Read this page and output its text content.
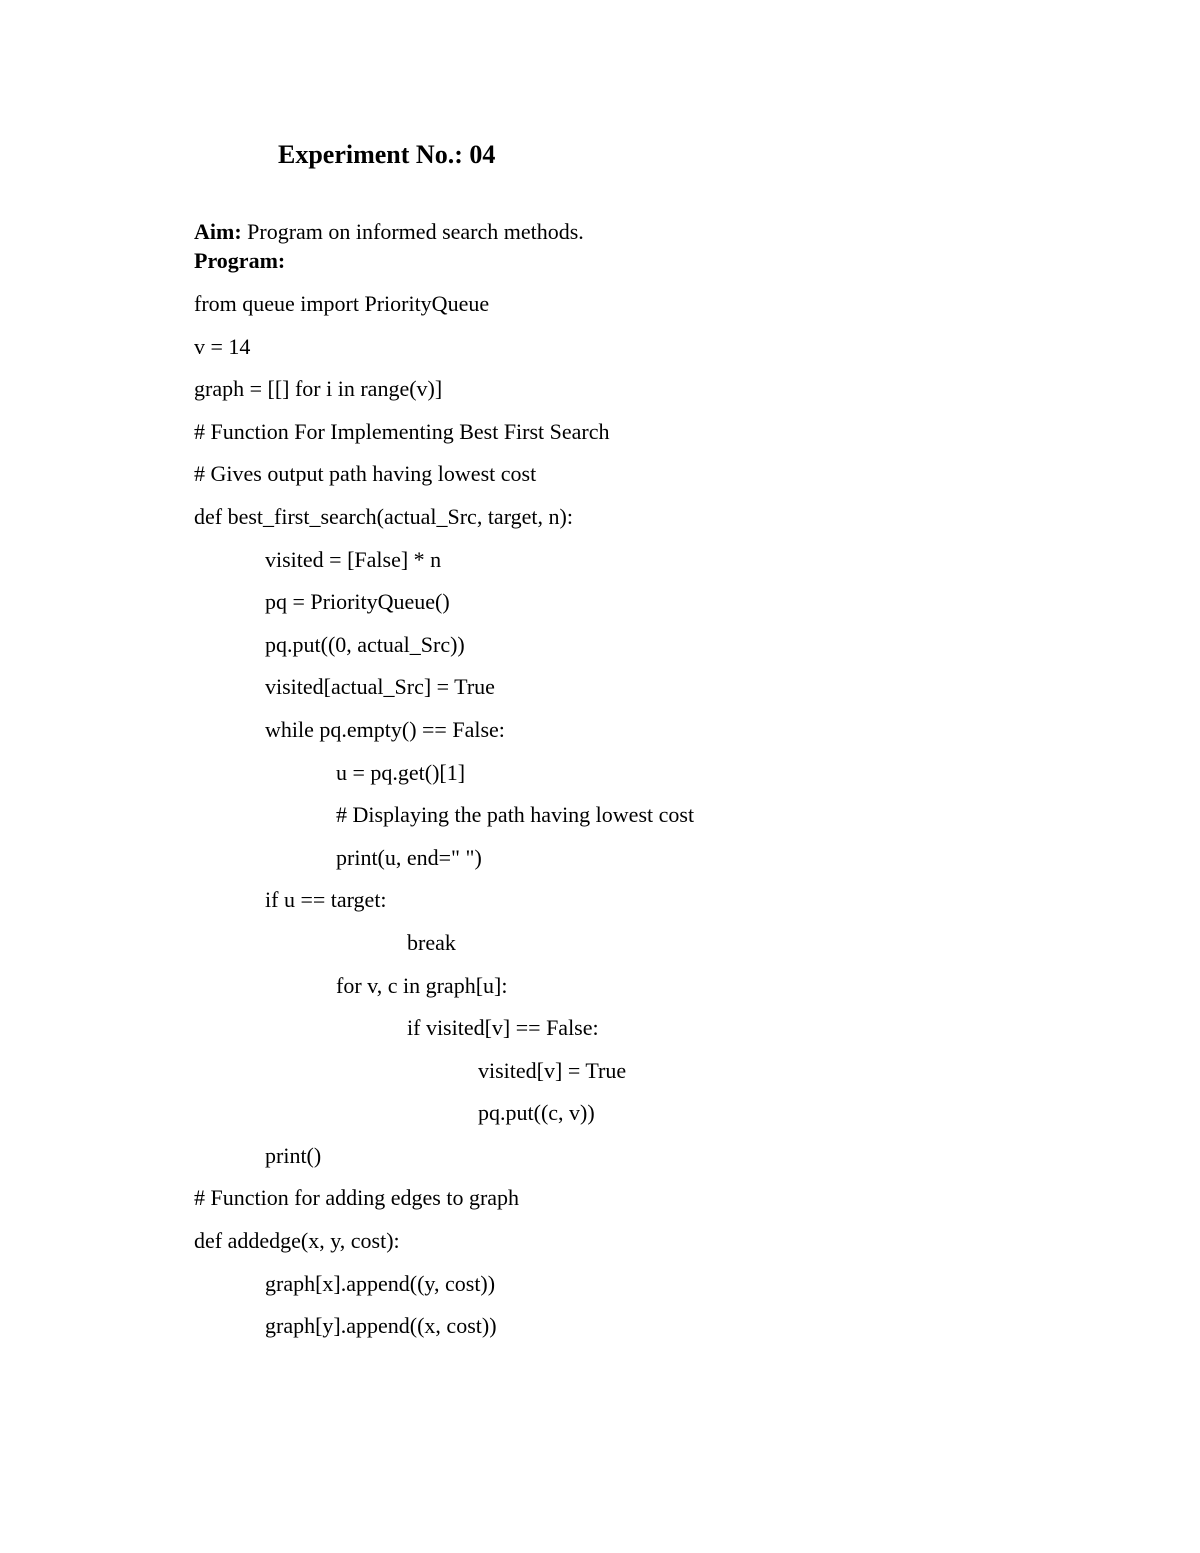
Experiment No.: 04
Aim: Program on informed search methods.
Program:
from queue import PriorityQueue
v = 14
graph = [[] for i in range(v)]
# Function For Implementing Best First Search
# Gives output path having lowest cost
def best_first_search(actual_Src, target, n):
visited = [False] * n
pq = PriorityQueue()
pq.put((0, actual_Src))
visited[actual_Src] = True
while pq.empty() == False:
u = pq.get()[1]
# Displaying the path having lowest cost
print(u, end=" ")
if u == target:
break
for v, c in graph[u]:
if visited[v] == False:
visited[v] = True
pq.put((c, v))
print()
# Function for adding edges to graph
def addedge(x, y, cost):
graph[x].append((y, cost))
graph[y].append((x, cost))
